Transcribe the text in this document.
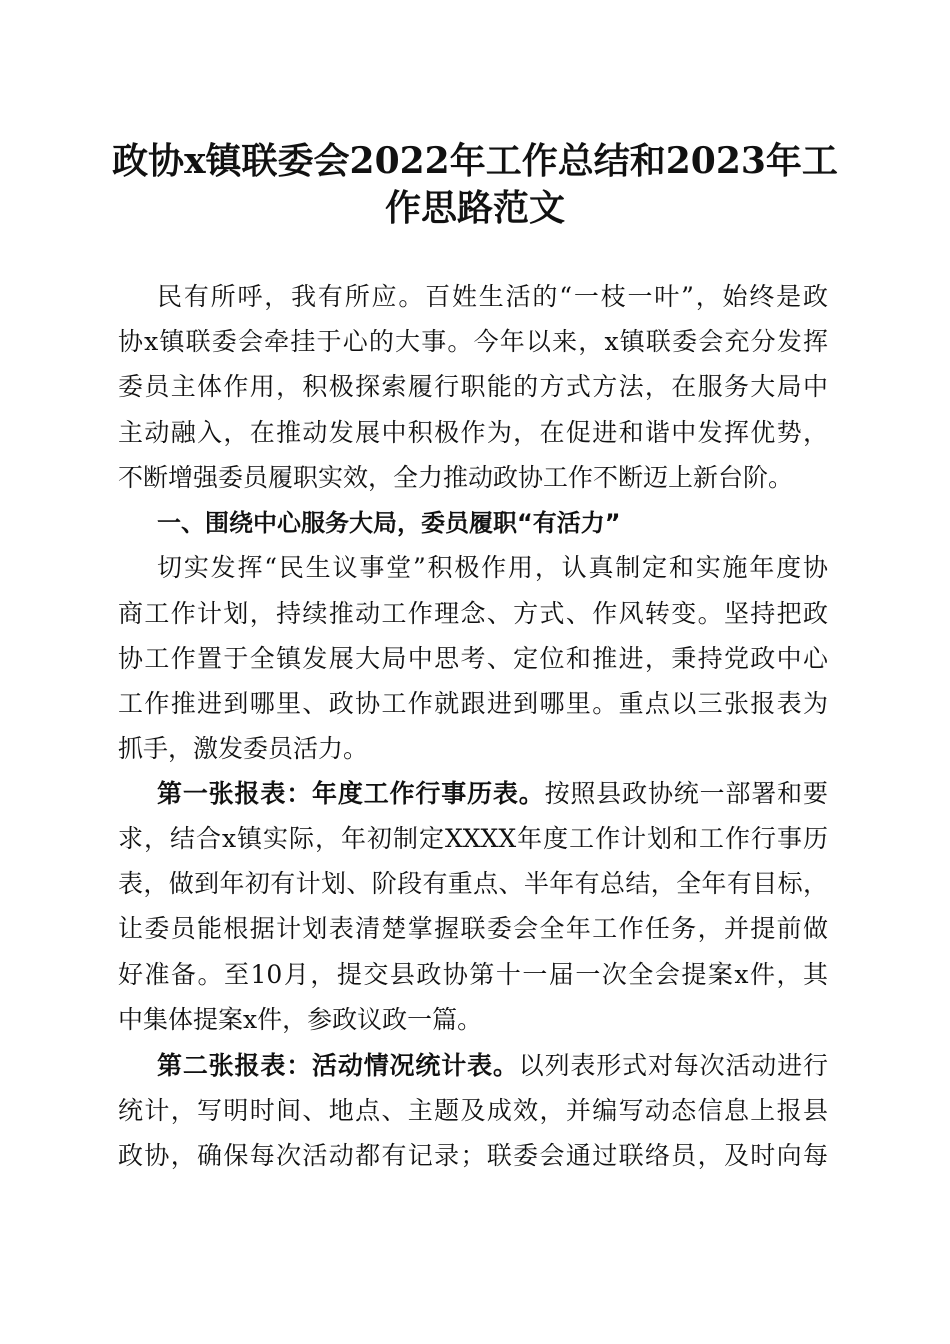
政协x镇联委会2022年工作总结和2023年工
作思路范文
民有所呼，我有所应。百姓生活的“一枝一叶”，始终是政
协x镇联委会牵挂于心的大事。今年以来，x镇联委会充分发挥
委员主体作用，积极探索履行职能的方式方法，在服务大局中
主动融入，在推动发展中积极作为，在促进和谐中发挥优势，
不断增强委员履职实效，全力推动政协工作不断迈上新台阶。
一、围绕中心服务大局，委员履职“有活力”
切实发挥“民生议事堂”积极作用，认真制定和实施年度协
商工作计划，持续推动工作理念、方式、作风转变。坚持把政
协工作置于全镇发展大局中思考、定位和推进，秉持党政中心
工作推进到哪里、政协工作就跟进到哪里。重点以三张报表为
抓手，激发委员活力。
第一张报表：年度工作行事历表。按照县政协统一部署和要
求，结合x镇实际，年初制定XXXX年度工作计划和工作行事历
表，做到年初有计划、阶段有重点、半年有总结，全年有目标，
让委员能根据计划表清楚掌握联委会全年工作任务，并提前做
好准备。至10月，提交县政协第十一届一次全会提案x件，其
中集体提案x件，参政议政一篇。
第二张报表：活动情况统计表。以列表形式对每次活动进行
统计，写明时间、地点、主题及成效，并编写动态信息上报县
政协，确保每次活动都有记录；联委会通过联络员，及时向每
